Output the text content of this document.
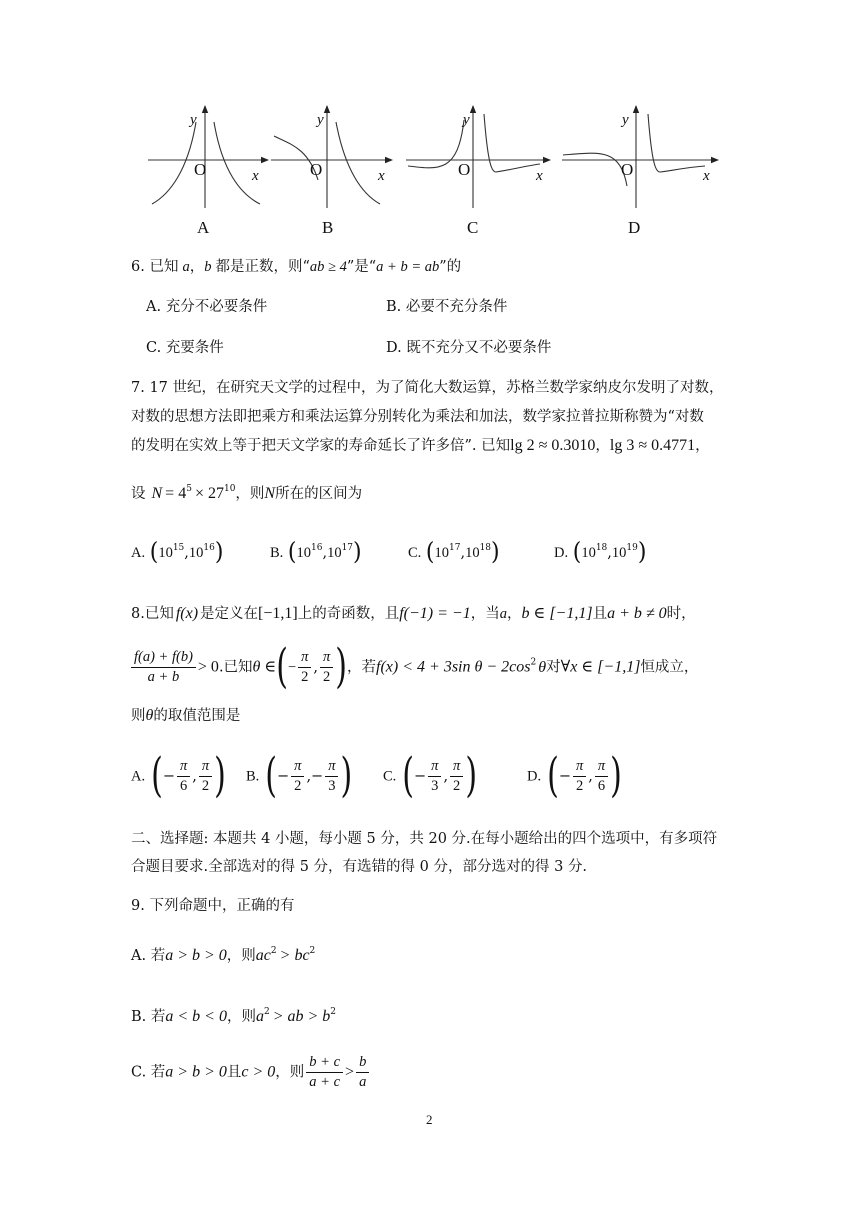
y
O	x
A
y
O	x
B
y
O	x
C
y
O	x
D
6. 已知 a，b 都是正数，则“ab ≥ 4”是“a + b = ab”的
A. 充分不必要条件	B. 必要不充分条件
C. 充要条件	D. 既不充分又不必要条件
7. 17 世纪，在研究天文学的过程中，为了简化大数运算，苏格兰数学家纳皮尔发明了对数，
对数的思想方法即把乘方和乘法运算分别转化为乘法和加法，数学家拉普拉斯称赞为“对数
的发明在实效上等于把天文学家的寿命延长了许多倍”. 已知lg 2 ≈ 0.3010，lg 3 ≈ 0.4771，
设 $N = 4^5 \times 27^{10}$，则N所在的区间为
A. $(10^{15},10^{16})$	B. $(10^{16},10^{17})$	C. $(10^{17},10^{18})$	D. $(10^{18},10^{19})$
8.已知 f(x) 是定义在[−1,1]上的奇函数，且f(−1) = −1，当a，b ∈ [−1,1]且a + b ≠ 0时，
$\frac{f(a) + f(b)}{a + b} > 0$.已知θ ∈(− $\frac{\pi}{2}$ , $\frac{\pi}{2}$ )，若f(x) < 4 + 3sin $\theta - 2\cos^2$ θ对∀x ∈ [−1,1]恒成立，
则θ的取值范围是
A. (− $\frac{\pi}{6}$ , $\frac{\pi}{2}$ ) B. (− $\frac{\pi}{2}$ ,− $\frac{\pi}{3}$ ) C. (− $\frac{\pi}{3}$ , $\frac{\pi}{2}$ )	D. (− $\frac{\pi}{2}$ , $\frac{\pi}{6}$ )
二、选择题: 本题共 4 小题，每小题 5 分，共 20 分.在每小题给出的四个选项中，有多项符
合题目要求.全部选对的得 5 分，有选错的得 0 分，部分选对的得 3 分.
9. 下列命题中，正确的有
A. 若a > b > 0，则$ac^2 > bc^2$
B. 若a < b < 0，则$a^2$ > ab > $b^2$
C. 若a > b > 0且c > 0，则 $\frac{b + c}{a + c} > \frac{b}{a}$
2
